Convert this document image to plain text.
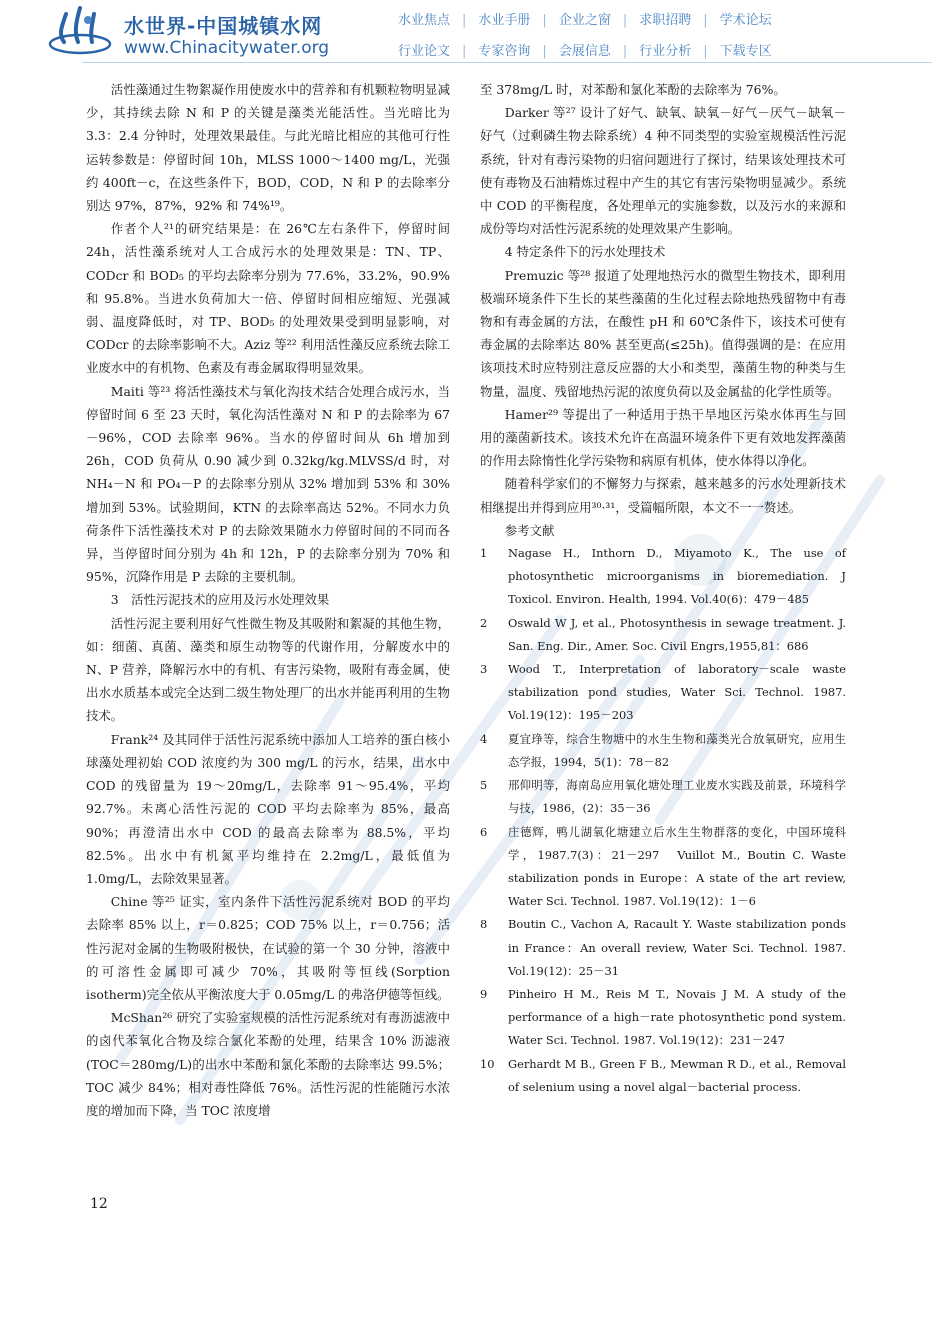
水世界-中国城镇水网
www.Chinacitywater.org
水业焦点 | 水业手册 | 企业之窗 | 求职招聘 | 学术论坛
行业论文 | 专家咨询 | 会展信息 | 行业分析 | 下载专区

活性藻通过生物絮凝作用使废水中的营养和有机颗粒物明显减少，其持续去除 N 和 P 的关键是藻类光能活性。当光暗比为 3.3：2.4 分钟时，处理效果最佳。与此光暗比相应的其他可行性运转参数是：停留时间 10h，MLSS 1000～1400 mg/L，光强约 400ft－c，在这些条件下，BOD，COD，N 和 P 的去除率分别达 97%，87%，92% 和 74%¹⁹。

作者个人²¹的研究结果是：在 26℃左右条件下，停留时间 24h，活性藻系统对人工合成污水的处理效果是：TN、TP、CODcr 和 BOD₅ 的平均去除率分别为 77.6%，33.2%，90.9% 和 95.8%。当进水负荷加大一倍、停留时间相应缩短、光强减弱、温度降低时，对 TP、BOD₅ 的处理效果受到明显影响，对 CODcr 的去除率影响不大。Aziz 等²² 利用活性藻反应系统去除工业废水中的有机物、色素及有毒金属取得明显效果。

Maiti 等²³ 将活性藻技术与氧化沟技术结合处理合成污水，当停留时间 6 至 23 天时，氧化沟活性藻对 N 和 P 的去除率为 67－96%，COD 去除率 96%。当水的停留时间从 6h 增加到 26h，COD 负荷从 0.90 减少到 0.32kg/kg.MLVSS/d 时，对 NH₄－N 和 PO₄－P 的去除率分别从 32% 增加到 53% 和 30% 增加到 53%。试验期间，KTN 的去除率高达 52%。不同水力负荷条件下活性藻技术对 P 的去除效果随水力停留时间的不同而各异，当停留时间分别为 4h 和 12h，P 的去除率分别为 70% 和 95%，沉降作用是 P 去除的主要机制。

3　活性污泥技术的应用及污水处理效果

活性污泥主要利用好气性微生物及其吸附和絮凝的其他生物，如：细菌、真菌、藻类和原生动物等的代谢作用，分解废水中的 N、P 营养，降解污水中的有机、有害污染物，吸附有毒金属，使出水水质基本或完全达到二级生物处理厂的出水并能再利用的生物技术。

Frank²⁴ 及其同伴于活性污泥系统中添加人工培养的蛋白核小球藻处理初始 COD 浓度约为 300 mg/L 的污水，结果，出水中 COD 的残留量为 19～20mg/L，去除率 91～95.4%，平均 92.7%。未离心活性污泥的 COD 平均去除率为 85%，最高 90%；再澄清出水中 COD 的最高去除率为 88.5%，平均 82.5%。出水中有机氮平均维持在 2.2mg/L，最低值为 1.0mg/L，去除效果显著。

Chine 等²⁵ 证实，室内条件下活性污泥系统对 BOD 的平均去除率 85% 以上，r＝0.825；COD 75% 以上，r＝0.756；活性污泥对金属的生物吸附极快，在试验的第一个 30 分钟，溶液中的可溶性金属即可减少 70%，其吸附等恒线(Sorption isotherm)完全依从平衡浓度大于 0.05mg/L 的弗洛伊德等恒线。

McShan²⁶ 研究了实验室规模的活性污泥系统对有毒沥滤液中的卤代苯氧化合物及综合氯化苯酚的处理，结果含 10% 沥滤液(TOC＝280mg/L)的出水中苯酚和氯化苯酚的去除率达 99.5%；TOC 减少 84%；相对毒性降低 76%。活性污泥的性能随污水浓度的增加而下降，当 TOC 浓度增

至 378mg/L 时，对苯酚和氯化苯酚的去除率为 76%。

Darker 等²⁷ 设计了好气、缺氧、缺氧－好气－厌气－缺氧－好气（过剩磷生物去除系统）4 种不同类型的实验室规模活性污泥系统，针对有毒污染物的归宿问题进行了探讨，结果该处理技术可使有毒物及石油精炼过程中产生的其它有害污染物明显减少。系统中 COD 的平衡程度，各处理单元的实施参数，以及污水的来源和成份等均对活性污泥系统的处理效果产生影响。

4 特定条件下的污水处理技术

Premuzic 等²⁸ 报道了处理地热污水的微型生物技术，即利用极端环境条件下生长的某些藻菌的生化过程去除地热残留物中有毒物和有毒金属的方法，在酸性 pH 和 60℃条件下，该技术可使有毒金属的去除率达 80% 甚至更高(≤25h)。值得强调的是：在应用该项技术时应特别注意反应器的大小和类型，藻菌生物的种类与生物量，温度、残留地热污泥的浓度负荷以及金属盐的化学性质等。

Hamer²⁹ 等提出了一种适用于热干旱地区污染水体再生与回用的藻菌新技术。该技术允许在高温环境条件下更有效地发挥藻菌的作用去除惰性化学污染物和病原有机体，使水体得以净化。

随着科学家们的不懈努力与探索，越来越多的污水处理新技术相继提出并得到应用³⁰·³¹，受篇幅所限，本文不一一赘述。

参考文献
1	Nagase H., Inthorn D., Miyamoto K., The use of photosynthetic microorganisms in bioremediation. J Toxicol. Environ. Health, 1994. Vol.40(6)：479－485
2	Oswald W J, et al., Photosynthesis in sewage treatment. J. San. Eng. Dir., Amer. Soc. Civil Engrs,1955,81：686
3	Wood T., Interpretation of laboratory－scale waste stabilization pond studies, Water Sci. Technol. 1987. Vol.19(12)：195－203
4	夏宜琤等，综合生物塘中的水生生物和藻类光合放氧研究，应用生态学报，1994，5(1)：78－82
5	邢仰明等，海南岛应用氧化塘处理工业废水实践及前景，环境科学与技，1986，(2)：35－36
6	庄德辉，鸭儿湖氧化塘建立后水生生物群落的变化，中国环境科学，1987.7(3)：21－297　Vuillot M., Boutin C. Waste stabilization ponds in Europe：A state of the art review, Water Sci. Technol. 1987. Vol.19(12)：1－6
8	Boutin C., Vachon A, Racault Y. Waste stabilization ponds in France：An overall review, Water Sci. Technol. 1987. Vol.19(12)：25－31
9	Pinheiro H M., Reis M T., Novais J M. A study of the performance of a high－rate photosynthetic pond system. Water Sci. Technol. 1987. Vol.19(12)：231－247
10	Gerhardt M B., Green F B., Mewman R D., et al., Removal of selenium using a novel algal－bacterial process.
12
